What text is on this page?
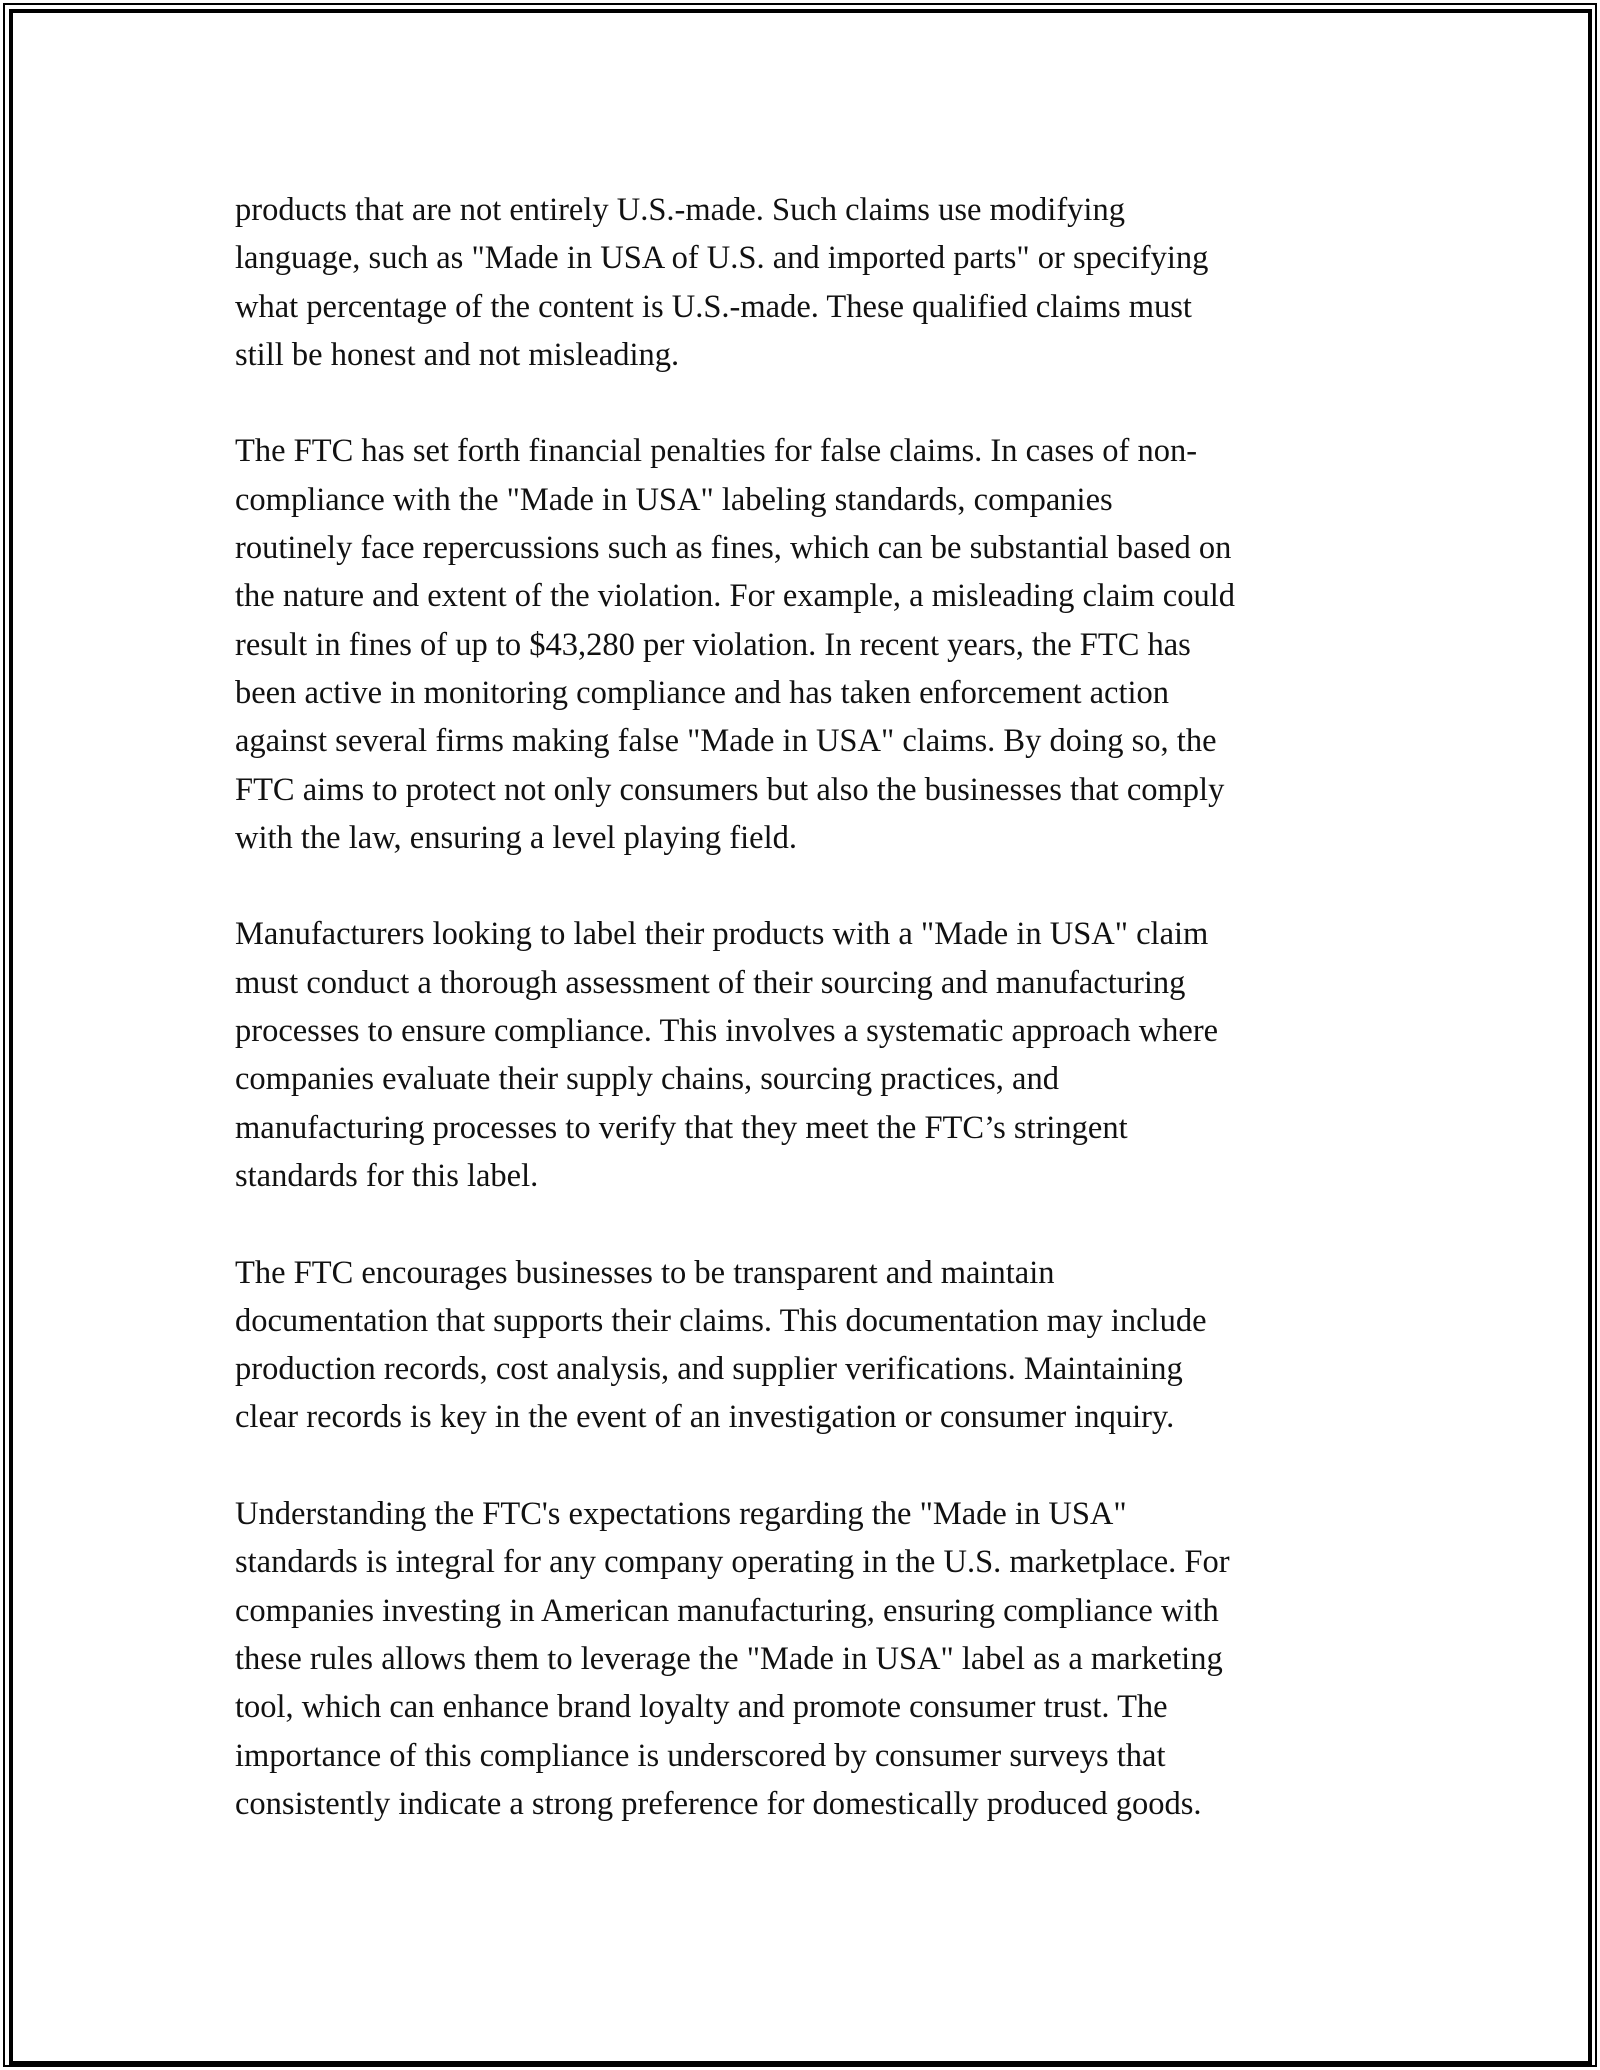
products that are not entirely U.S.-made. Such claims use modifying
language, such as "Made in USA of U.S. and imported parts" or specifying
what percentage of the content is U.S.-made. These qualified claims must
still be honest and not misleading.

The FTC has set forth financial penalties for false claims. In cases of non-
compliance with the "Made in USA" labeling standards, companies
routinely face repercussions such as fines, which can be substantial based on
the nature and extent of the violation. For example, a misleading claim could
result in fines of up to $43,280 per violation. In recent years, the FTC has
been active in monitoring compliance and has taken enforcement action
against several firms making false "Made in USA" claims. By doing so, the
FTC aims to protect not only consumers but also the businesses that comply
with the law, ensuring a level playing field.

Manufacturers looking to label their products with a "Made in USA" claim
must conduct a thorough assessment of their sourcing and manufacturing
processes to ensure compliance. This involves a systematic approach where
companies evaluate their supply chains, sourcing practices, and
manufacturing processes to verify that they meet the FTC’s stringent
standards for this label.

The FTC encourages businesses to be transparent and maintain
documentation that supports their claims. This documentation may include
production records, cost analysis, and supplier verifications. Maintaining
clear records is key in the event of an investigation or consumer inquiry.

Understanding the FTC's expectations regarding the "Made in USA"
standards is integral for any company operating in the U.S. marketplace. For
companies investing in American manufacturing, ensuring compliance with
these rules allows them to leverage the "Made in USA" label as a marketing
tool, which can enhance brand loyalty and promote consumer trust. The
importance of this compliance is underscored by consumer surveys that
consistently indicate a strong preference for domestically produced goods.
